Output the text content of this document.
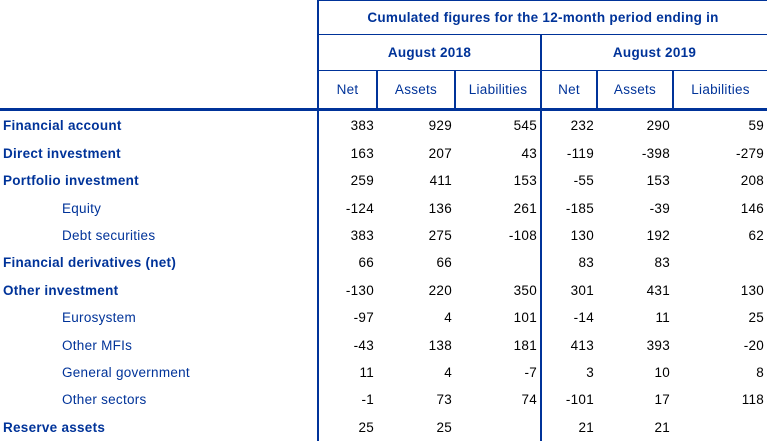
	Cumulated figures for the 12-month period ending in					
	August 2018			August 2019		
	Net	Assets	Liabilities	Net	Assets	Liabilities
Financial account	383	929	545	232	290	59
Direct investment	163	207	43	-119	-398	-279
Portfolio investment	259	411	153	-55	153	208
Equity	-124	136	261	-185	-39	146
Debt securities	383	275	-108	130	192	62
Financial derivatives (net)	66	66		83	83	
Other investment	-130	220	350	301	431	130
Eurosystem	-97	4	101	-14	11	25
Other MFIs	-43	138	181	413	393	-20
General government	11	4	-7	3	10	8
Other sectors	-1	73	74	-101	17	118
Reserve assets	25	25		21	21	
